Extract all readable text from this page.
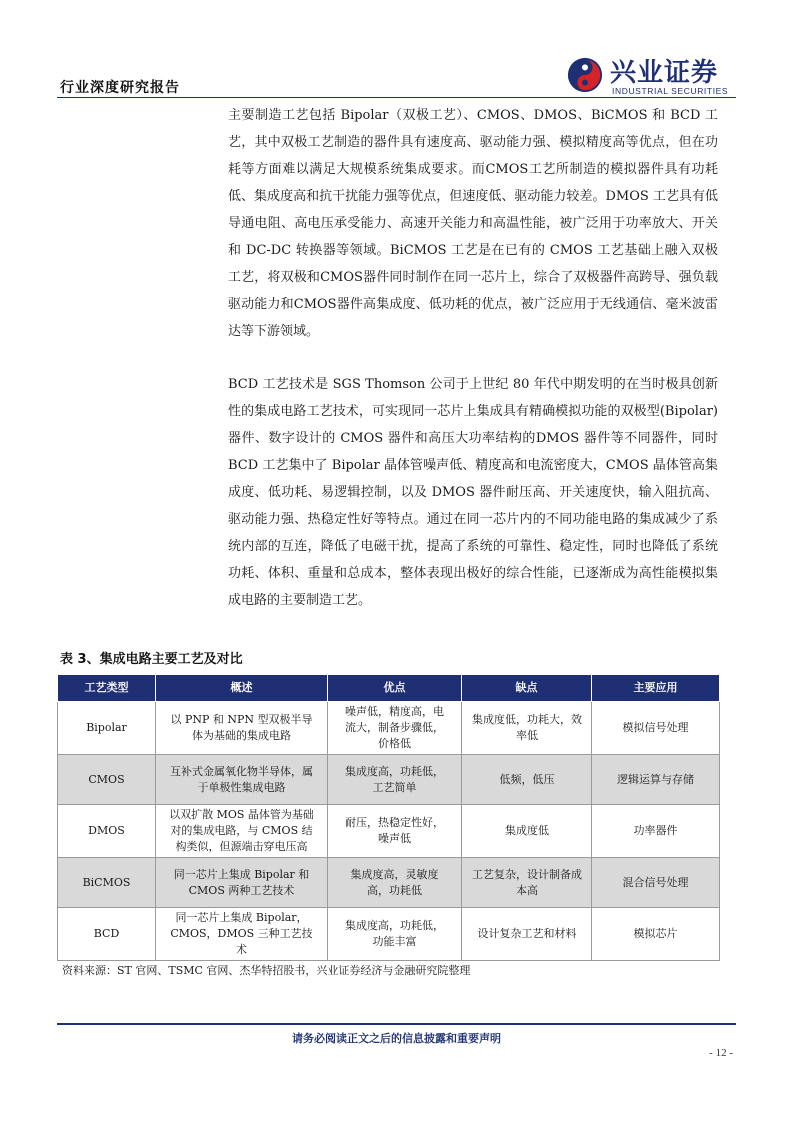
行业深度研究报告	兴业证券
INDUSTRIAL SECURITIES
主要制造工艺包括 Bipolar（双极工艺）、CMOS、DMOS、BiCMOS 和 BCD 工艺，其中双极工艺制造的器件具有速度高、驱动能力强、模拟精度高等优点，但在功耗等方面难以满足大规模系统集成要求。而CMOS工艺所制造的模拟器件具有功耗低、集成度高和抗干扰能力强等优点，但速度低、驱动能力较差。DMOS 工艺具有低导通电阻、高电压承受能力、高速开关能力和高温性能，被广泛用于功率放大、开关和 DC-DC 转换器等领域。BiCMOS 工艺是在已有的 CMOS 工艺基础上融入双极工艺，将双极和CMOS器件同时制作在同一芯片上，综合了双极器件高跨导、强负载驱动能力和CMOS器件高集成度、低功耗的优点，被广泛应用于无线通信、毫米波雷达等下游领域。
BCD 工艺技术是 SGS Thomson 公司于上世纪 80 年代中期发明的在当时极具创新性的集成电路工艺技术，可实现同一芯片上集成具有精确模拟功能的双极型(Bipolar)器件、数字设计的 CMOS 器件和高压大功率结构的DMOS 器件等不同器件，同时 BCD 工艺集中了 Bipolar 晶体管噪声低、精度高和电流密度大，CMOS 晶体管高集成度、低功耗、易逻辑控制，以及 DMOS 器件耐压高、开关速度快，输入阻抗高、驱动能力强、热稳定性好等特点。通过在同一芯片内的不同功能电路的集成减少了系统内部的互连，降低了电磁干扰，提高了系统的可靠性、稳定性，同时也降低了系统功耗、体积、重量和总成本，整体表现出极好的综合性能，已逐渐成为高性能模拟集成电路的主要制造工艺。
表 3、集成电路主要工艺及对比
工艺类型	概述	优点	缺点	主要应用
Bipolar	以 PNP 和 NPN 型双极半导体为基础的集成电路	噪声低，精度高，电流大，制备步骤低，价格低	集成度低，功耗大，效率低	模拟信号处理
CMOS	互补式金属氧化物半导体，属于单极性集成电路	集成度高，功耗低，工艺简单	低频，低压	逻辑运算与存储
DMOS	以双扩散 MOS 晶体管为基础对的集成电路，与 CMOS 结构类似，但源端击穿电压高	耐压，热稳定性好，噪声低	集成度低	功率器件
BiCMOS	同一芯片上集成 Bipolar 和 CMOS 两种工艺技术	集成度高，灵敏度高，功耗低	工艺复杂，设计制备成本高	混合信号处理
BCD	同一芯片上集成 Bipolar，CMOS，DMOS 三种工艺技术	集成度高，功耗低，功能丰富	设计复杂工艺和材料	模拟芯片
资料来源：ST 官网、TSMC 官网、杰华特招股书，兴业证券经济与金融研究院整理
请务必阅读正文之后的信息披露和重要声明
- 12 -
